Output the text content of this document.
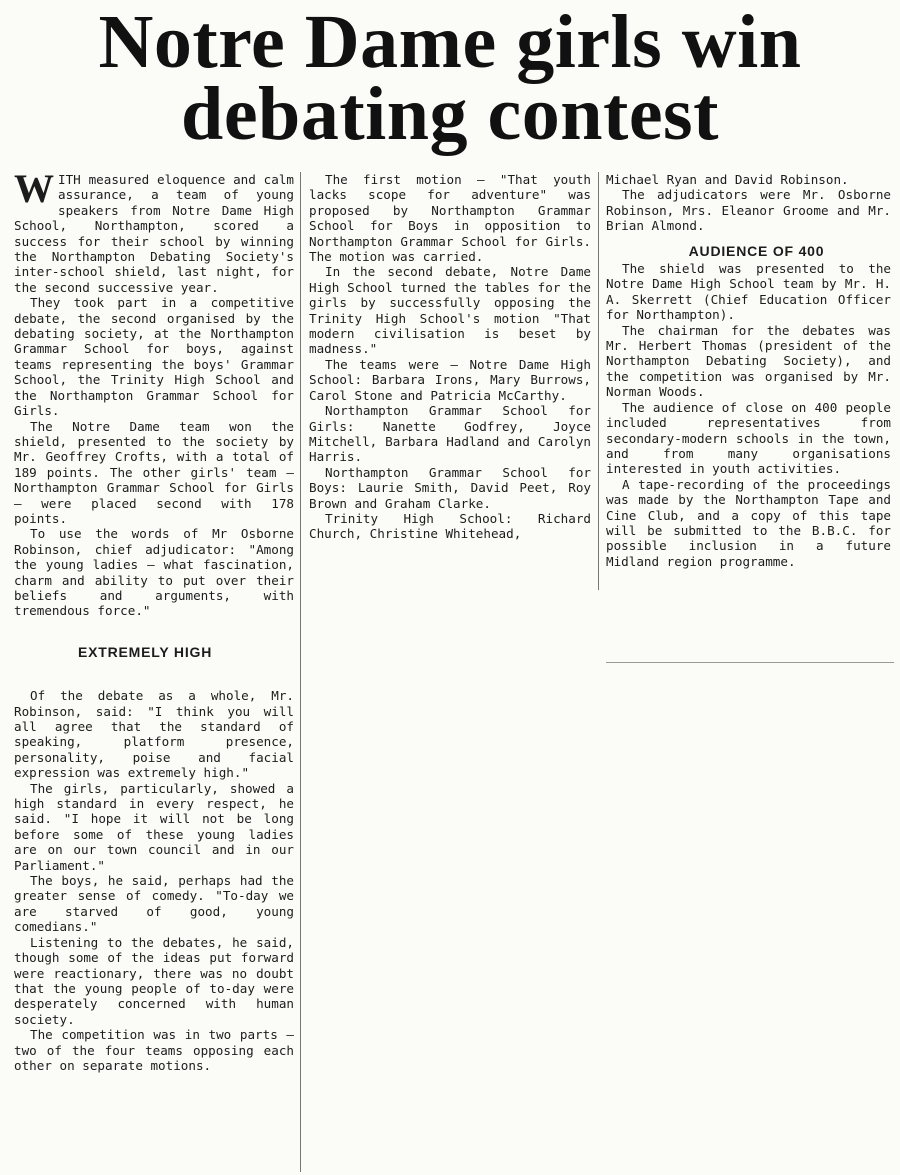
Notre Dame girls win debating contest

WITH measured eloquence and calm assurance, a team of young speakers from Notre Dame High School, Northampton, scored a success for their school by winning the Northampton Debating Society's inter-school shield, last night, for the second successive year.

They took part in a competitive debate, the second organised by the debating society, at the Northampton Grammar School for boys, against teams representing the boys' Grammar School, the Trinity High School and the Northampton Grammar School for Girls.

The Notre Dame team won the shield, presented to the society by Mr. Geoffrey Crofts, with a total of 189 points. The other girls' team — Northampton Grammar School for Girls — were placed second with 178 points.

To use the words of Mr Osborne Robinson, chief adjudicator: "Among the young ladies — what fascination, charm and ability to put over their beliefs and arguments, with tremendous force."

EXTREMELY HIGH

Of the debate as a whole, Mr. Robinson, said: "I think you will all agree that the standard of speaking, platform presence, personality, poise and facial expression was extremely high."

The girls, particularly, showed a high standard in every respect, he said. "I hope it will not be long before some of these young ladies are on our town council and in our Parliament."

The boys, he said, perhaps had the greater sense of comedy. "To-day we are starved of good, young comedians."

Listening to the debates, he said, though some of the ideas put forward were reactionary, there was no doubt that the young people of to-day were desperately concerned with human society.

The competition was in two parts — two of the four teams opposing each other on separate motions.

The first motion — "That youth lacks scope for adventure" was proposed by Northampton Grammar School for Boys in opposition to Northampton Grammar School for Girls. The motion was carried.

In the second debate, Notre Dame High School turned the tables for the girls by successfully opposing the Trinity High School's motion "That modern civilisation is beset by madness."

The teams were — Notre Dame High School: Barbara Irons, Mary Burrows, Carol Stone and Patricia McCarthy.

Northampton Grammar School for Girls: Nanette Godfrey, Joyce Mitchell, Barbara Hadland and Carolyn Harris.

Northampton Grammar School for Boys: Laurie Smith, David Peet, Roy Brown and Graham Clarke.

Trinity High School: Richard Church, Christine Whitehead,

Michael Ryan and David Robinson.

The adjudicators were Mr. Osborne Robinson, Mrs. Eleanor Groome and Mr. Brian Almond.

AUDIENCE OF 400

The shield was presented to the Notre Dame High School team by Mr. H. A. Skerrett (Chief Education Officer for Northampton).

The chairman for the debates was Mr. Herbert Thomas (president of the Northampton Debating Society), and the competition was organised by Mr. Norman Woods.

The audience of close on 400 people included representatives from secondary-modern schools in the town, and from many organisations interested in youth activities.

A tape-recording of the proceedings was made by the Northampton Tape and Cine Club, and a copy of this tape will be submitted to the B.B.C. for possible inclusion in a future Midland region programme.
